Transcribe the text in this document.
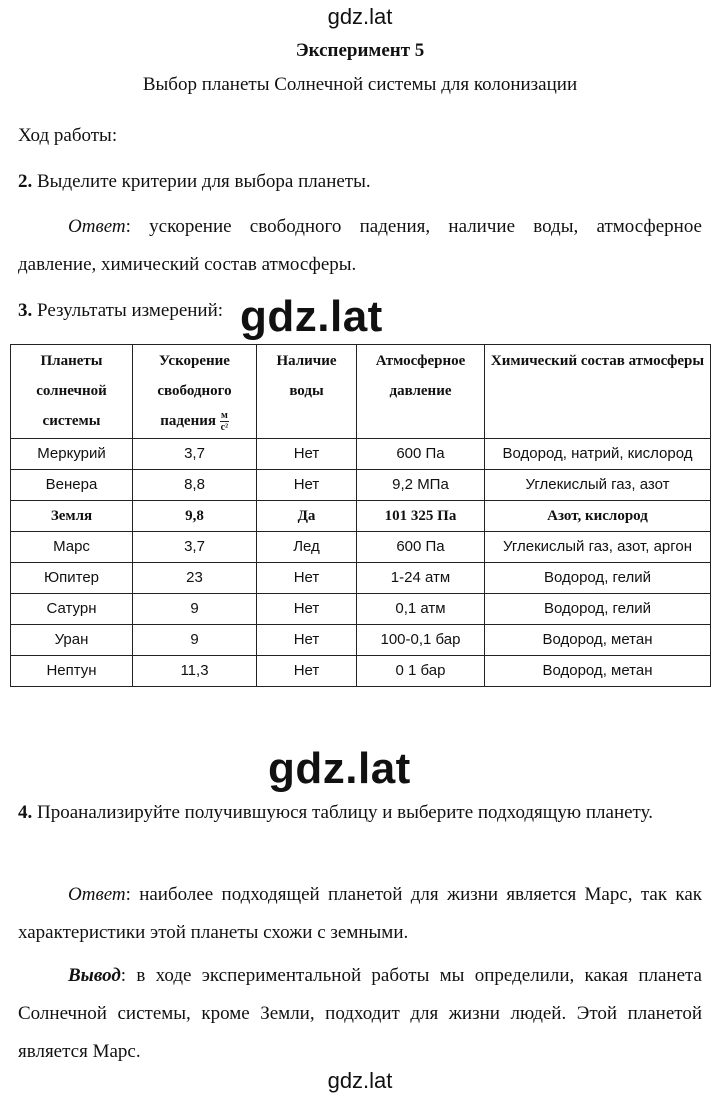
gdz.lat
gdz.lat
gdz.lat
gdz.lat
Эксперимент 5
Выбор планеты Солнечной системы для колонизации
Ход работы:
2. Выделите критерии для выбора планеты.
Ответ: ускорение свободного падения, наличие воды, атмосферное давление, химический состав атмосферы.
3. Результаты измерений:
Планеты солнечной системы	Ускорение свободного падения $\frac{м}{\text{с²}}$	Наличие воды	Атмосферное давление	Химический состав атмосферы
Меркурий	3,7	Нет	600 Па	Водород, натрий, кислород
Венера	8,8	Нет	9,2 МПа	Углекислый газ, азот
Земля	9,8	Да	101 325 Па	Азот, кислород
Марс	3,7	Лед	600 Па	Углекислый газ, азот, аргон
Юпитер	23	Нет	1-24 атм	Водород, гелий
Сатурн	9	Нет	0,1 атм	Водород, гелий
Уран	9	Нет	100-0,1 бар	Водород, метан
Нептун	11,3	Нет	0 1 бар	Водород, метан
4. Проанализируйте получившуюся таблицу и выберите подходящую планету.
Ответ: наиболее подходящей планетой для жизни является Марс, так как характеристики этой планеты схожи с земными.
Вывод: в ходе экспериментальной работы мы определили, какая планета Солнечной системы, кроме Земли, подходит для жизни людей. Этой планетой является Марс.
